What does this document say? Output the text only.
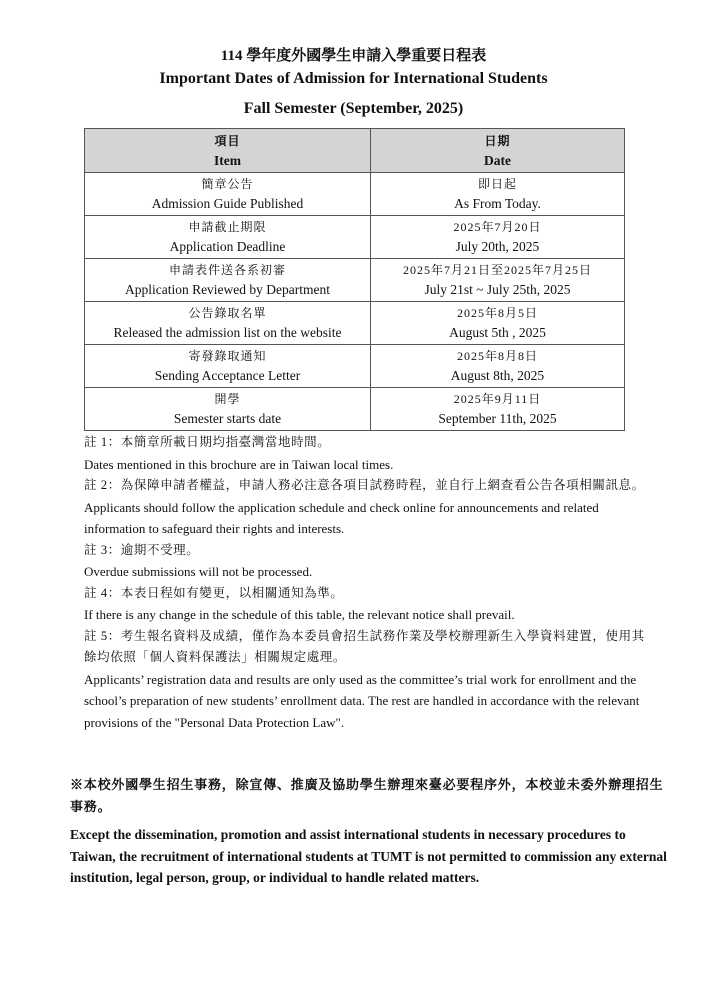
114 學年度外國學生申請入學重要日程表
Important Dates of Admission for International Students
Fall Semester (September, 2025)
項目
Item	日期
Date

簡章公告
Admission Guide Published	即日起
As From Today.

申請截止期限
Application Deadline	2025年7月20日
July 20th, 2025

申請表件送各系初審
Application Reviewed by Department	2025年7月21日至2025年7月25日
July 21st ~ July 25th, 2025

公告錄取名單
Released the admission list on the website	2025年8月5日
August 5th , 2025

寄發錄取通知
Sending Acceptance Letter	2025年8月8日
August 8th, 2025

開學
Semester starts date	2025年9月11日
September 11th, 2025

註 1：本簡章所載日期均指臺灣當地時間。

Dates mentioned in this brochure are in Taiwan local times.

註 2：為保障申請者權益，申請人務必注意各項目試務時程，並自行上網查看公告各項相關訊息。

Applicants should follow the application schedule and check online for announcements and related information to safeguard their rights and interests.

註 3：逾期不受理。

Overdue submissions will not be processed.

註 4：本表日程如有變更，以相關通知為準。

If there is any change in the schedule of this table, the relevant notice shall prevail.

註 5：考生報名資料及成績，僅作為本委員會招生試務作業及學校辦理新生入學資料建置，使用其餘均依照「個人資料保護法」相關規定處理。

Applicants’ registration data and results are only used as the committee’s trial work for enrollment and the school’s preparation of new students’ enrollment data. The rest are handled in accordance with the relevant provisions of the "Personal Data Protection Law".

※本校外國學生招生事務，除宣傳、推廣及協助學生辦理來臺必要程序外，本校並未委外辦理招生事務。

Except the dissemination, promotion and assist international students in necessary procedures to Taiwan, the recruitment of international students at TUMT is not permitted to commission any external institution, legal person, group, or individual to handle related matters.
